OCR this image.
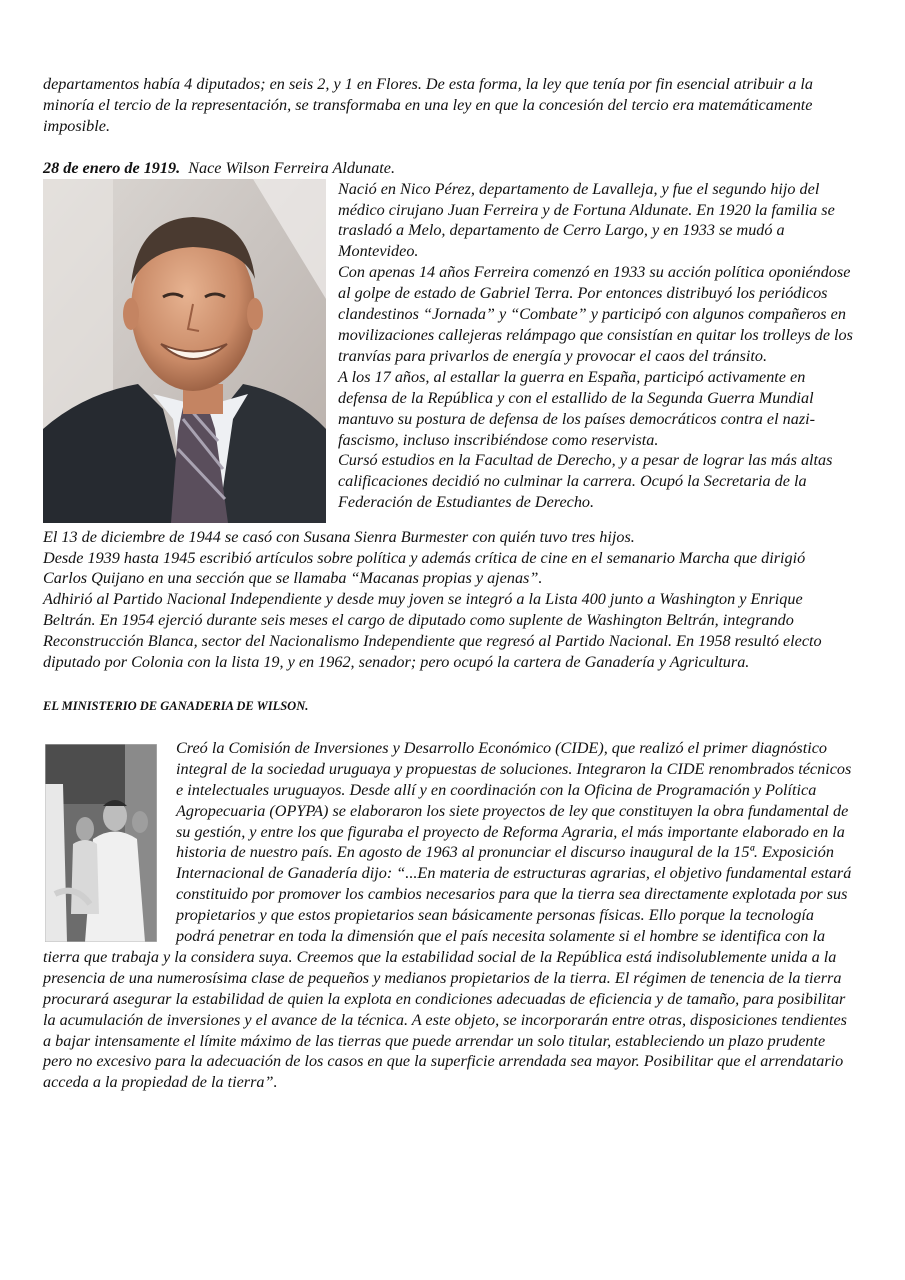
departamentos había 4 diputados; en seis 2, y 1 en Flores. De esta forma, la ley que tenía por fin esencial atribuir a la minoría el tercio de la representación, se transformaba en una ley en que la concesión del tercio era matemáticamente imposible.

28 de enero de 1919. Nace Wilson Ferreira Aldunate.

Nació en Nico Pérez, departamento de Lavalleja, y fue el segundo hijo del médico cirujano Juan Ferreira y de Fortuna Aldunate. En 1920 la familia se trasladó a Melo, departamento de Cerro Largo, y en 1933 se mudó a Montevideo.

Con apenas 14 años Ferreira comenzó en 1933 su acción política oponiéndose al golpe de estado de Gabriel Terra. Por entonces distribuyó los periódicos clandestinos “Jornada” y “Combate” y participó con algunos compañeros en movilizaciones callejeras relámpago que consistían en quitar los trolleys de los tranvías para privarlos de energía y provocar el caos del tránsito.

A los 17 años, al estallar la guerra en España, participó activamente en defensa de la República y con el estallido de la Segunda Guerra Mundial mantuvo su postura de defensa de los países democráticos contra el nazi-fascismo, incluso inscribiéndose como reservista.

Cursó estudios en la Facultad de Derecho, y a pesar de lograr las más altas calificaciones decidió no culminar la carrera. Ocupó la Secretaria de la Federación de Estudiantes de Derecho.

El 13 de diciembre de 1944 se casó con Susana Sienra Burmester con quién tuvo tres hijos.

Desde 1939 hasta 1945 escribió artículos sobre política y además crítica de cine en el semanario Marcha que dirigió Carlos Quijano en una sección que se llamaba “Macanas propias y ajenas”.

Adhirió al Partido Nacional Independiente y desde muy joven se integró a la Lista 400 junto a Washington y Enrique Beltrán. En 1954 ejerció durante seis meses el cargo de diputado como suplente de Washington Beltrán, integrando Reconstrucción Blanca, sector del Nacionalismo Independiente que regresó al Partido Nacional. En 1958 resultó electo diputado por Colonia con la lista 19, y en 1962, senador; pero ocupó la cartera de Ganadería y Agricultura.

EL MINISTERIO DE GANADERIA DE WILSON.

Creó la Comisión de Inversiones y Desarrollo Económico (CIDE), que realizó el primer diagnóstico integral de la sociedad uruguaya y propuestas de soluciones. Integraron la CIDE renombrados técnicos e intelectuales uruguayos. Desde allí y en coordinación con la Oficina de Programación y Política Agropecuaria (OPYPA) se elaboraron los siete proyectos de ley que constituyen la obra fundamental de su gestión, y entre los que figuraba el proyecto de Reforma Agraria, el más importante elaborado en la historia de nuestro país. En agosto de 1963 al pronunciar el discurso inaugural de la 15ª. Exposición Internacional de Ganadería dijo: “...En materia de estructuras agrarias, el objetivo fundamental estará constituido por promover los cambios necesarios para que la tierra sea directamente explotada por sus propietarios y que estos propietarios sean básicamente personas físicas. Ello porque la tecnología podrá penetrar en toda la dimensión que el país necesita solamente si el hombre se identifica con la tierra que trabaja y la considera suya. Creemos que la estabilidad social de la República está indisolublemente unida a la presencia de una numerosísima clase de pequeños y medianos propietarios de la tierra. El régimen de tenencia de la tierra procurará asegurar la estabilidad de quien la explota en condiciones adecuadas de eficiencia y de tamaño, para posibilitar la acumulación de inversiones y el avance de la técnica. A este objeto, se incorporarán entre otras, disposiciones tendientes a bajar intensamente el límite máximo de las tierras que puede arrendar un solo titular, estableciendo un plazo prudente pero no excesivo para la adecuación de los casos en que la superficie arrendada sea mayor. Posibilitar que el arrendatario acceda a la propiedad de la tierra”.
